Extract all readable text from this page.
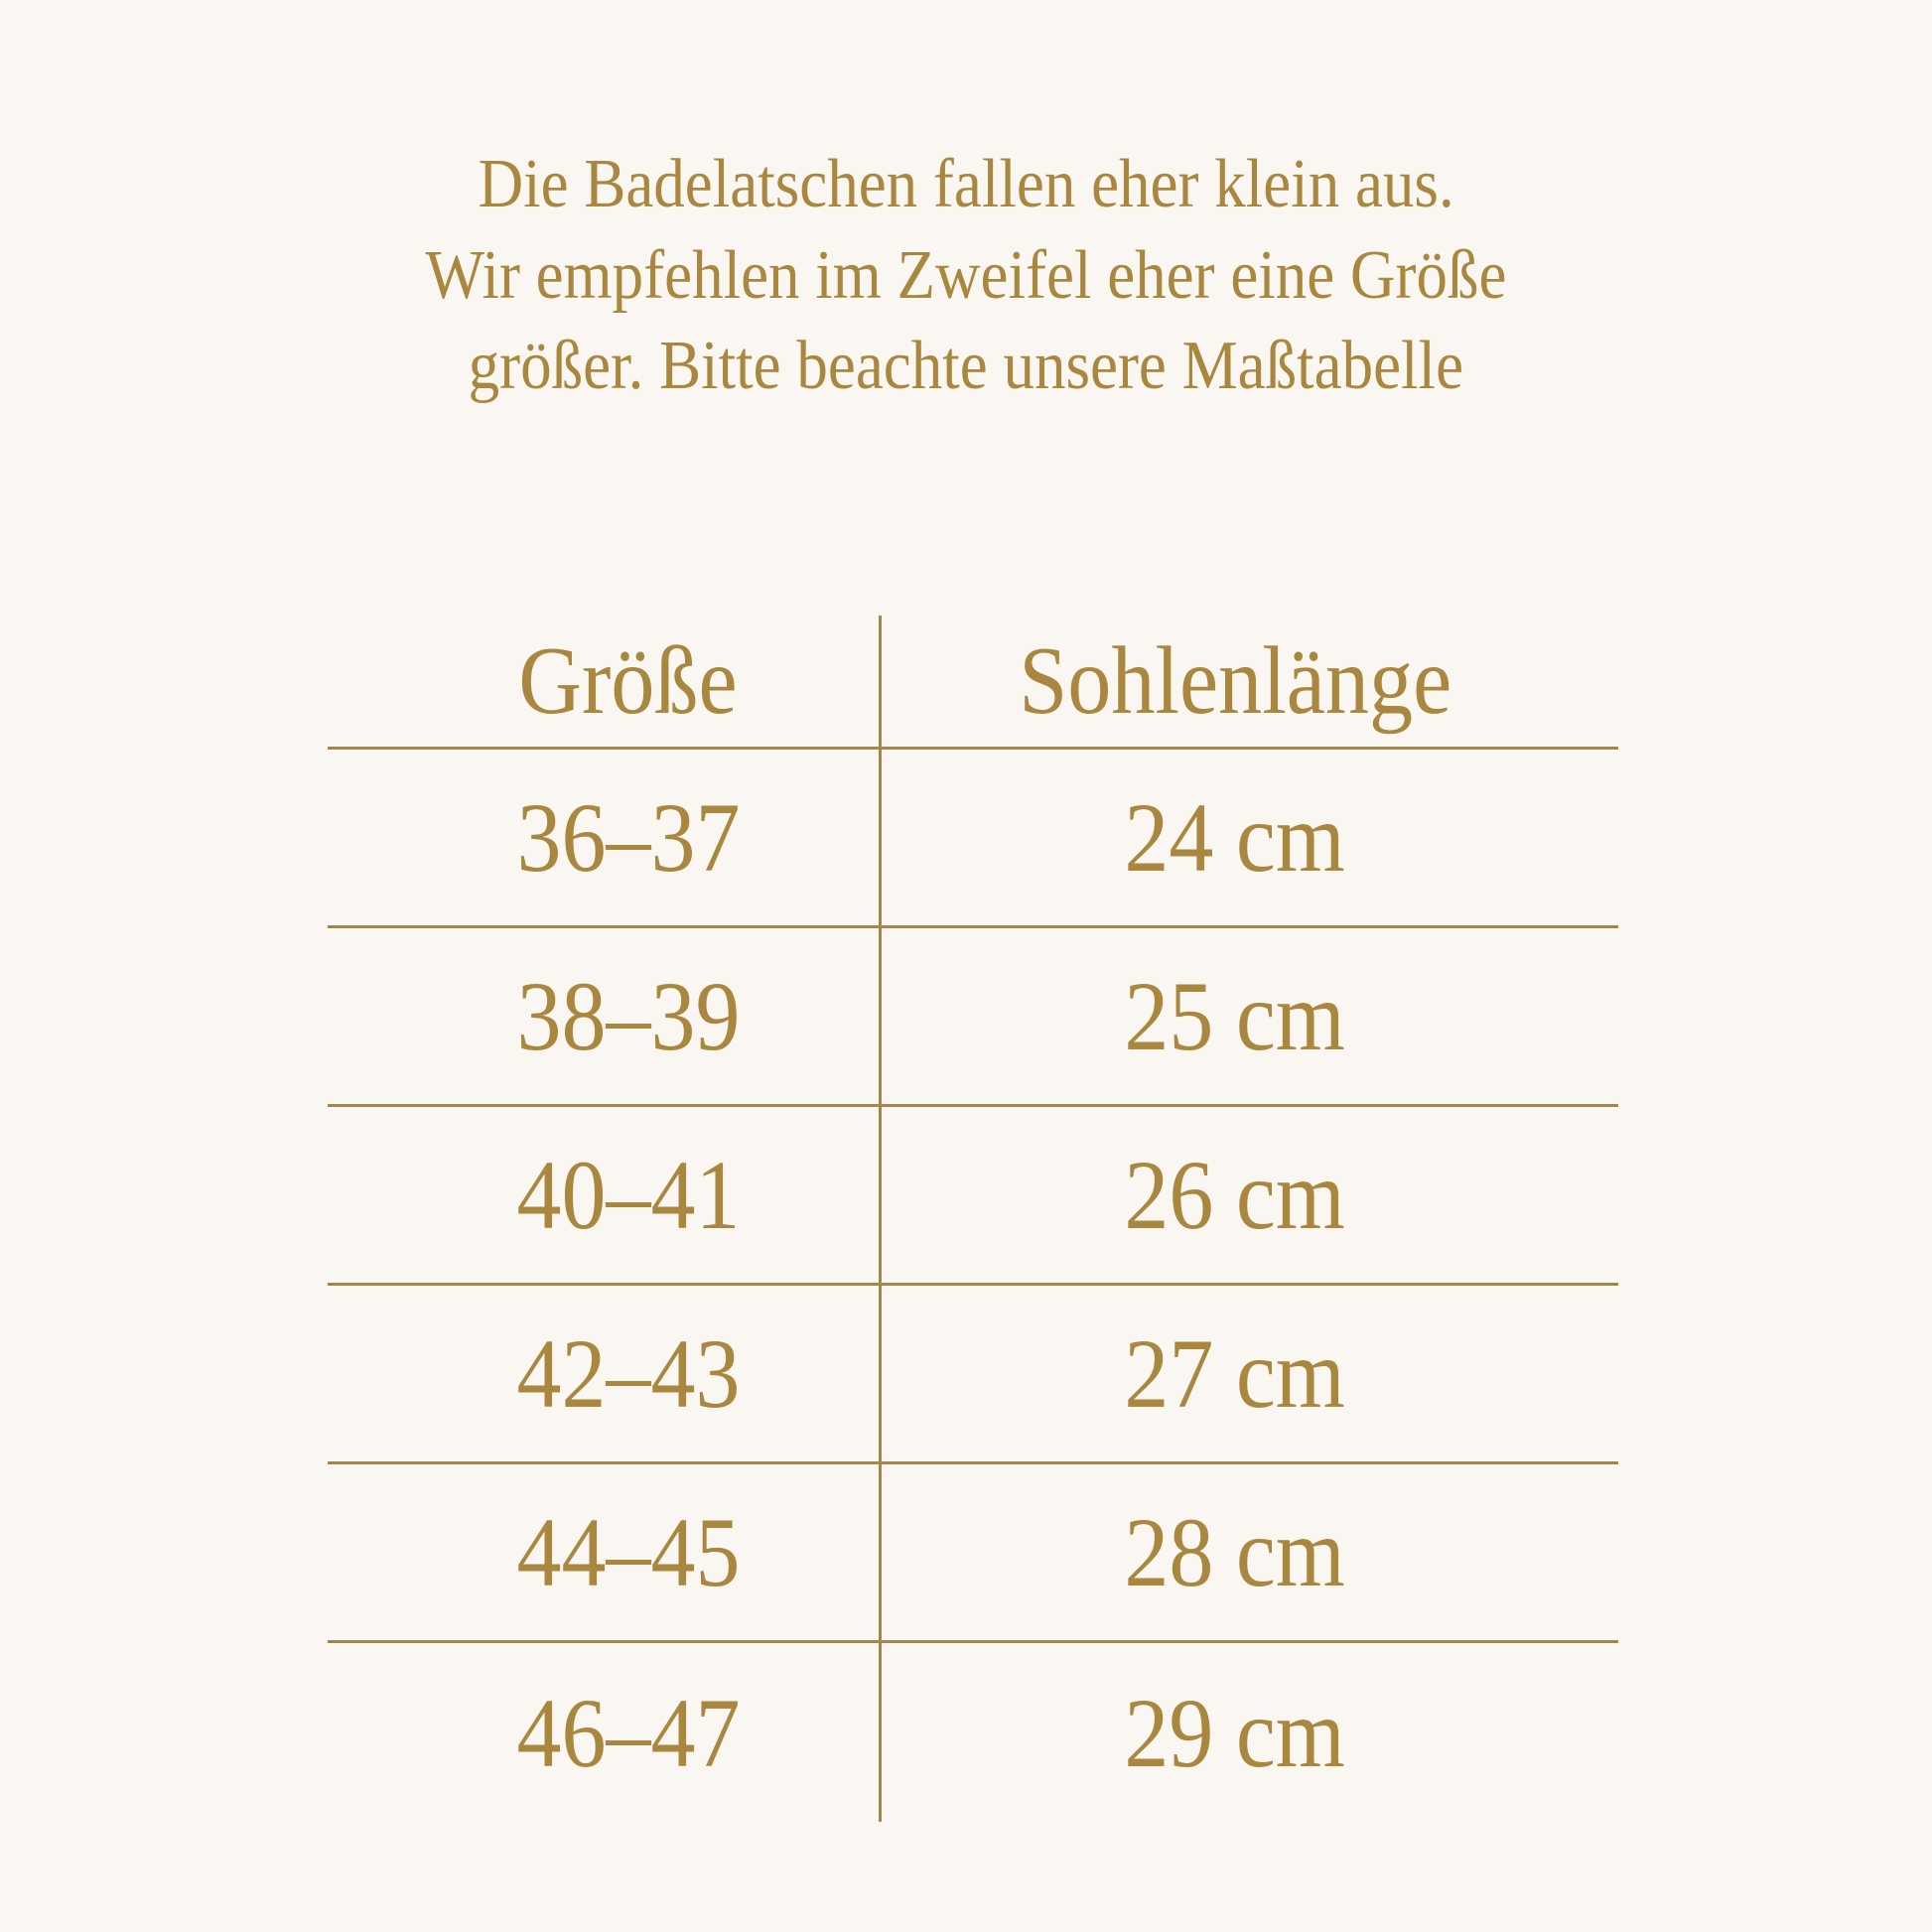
Die Badelatschen fallen eher klein aus.
Wir empfehlen im Zweifel eher eine Größe
größer. Bitte beachte unsere Maßtabelle
Größe	Sohlenlänge
36–37	24 cm
38–39	25 cm
40–41	26 cm
42–43	27 cm
44–45	28 cm
46–47	29 cm
